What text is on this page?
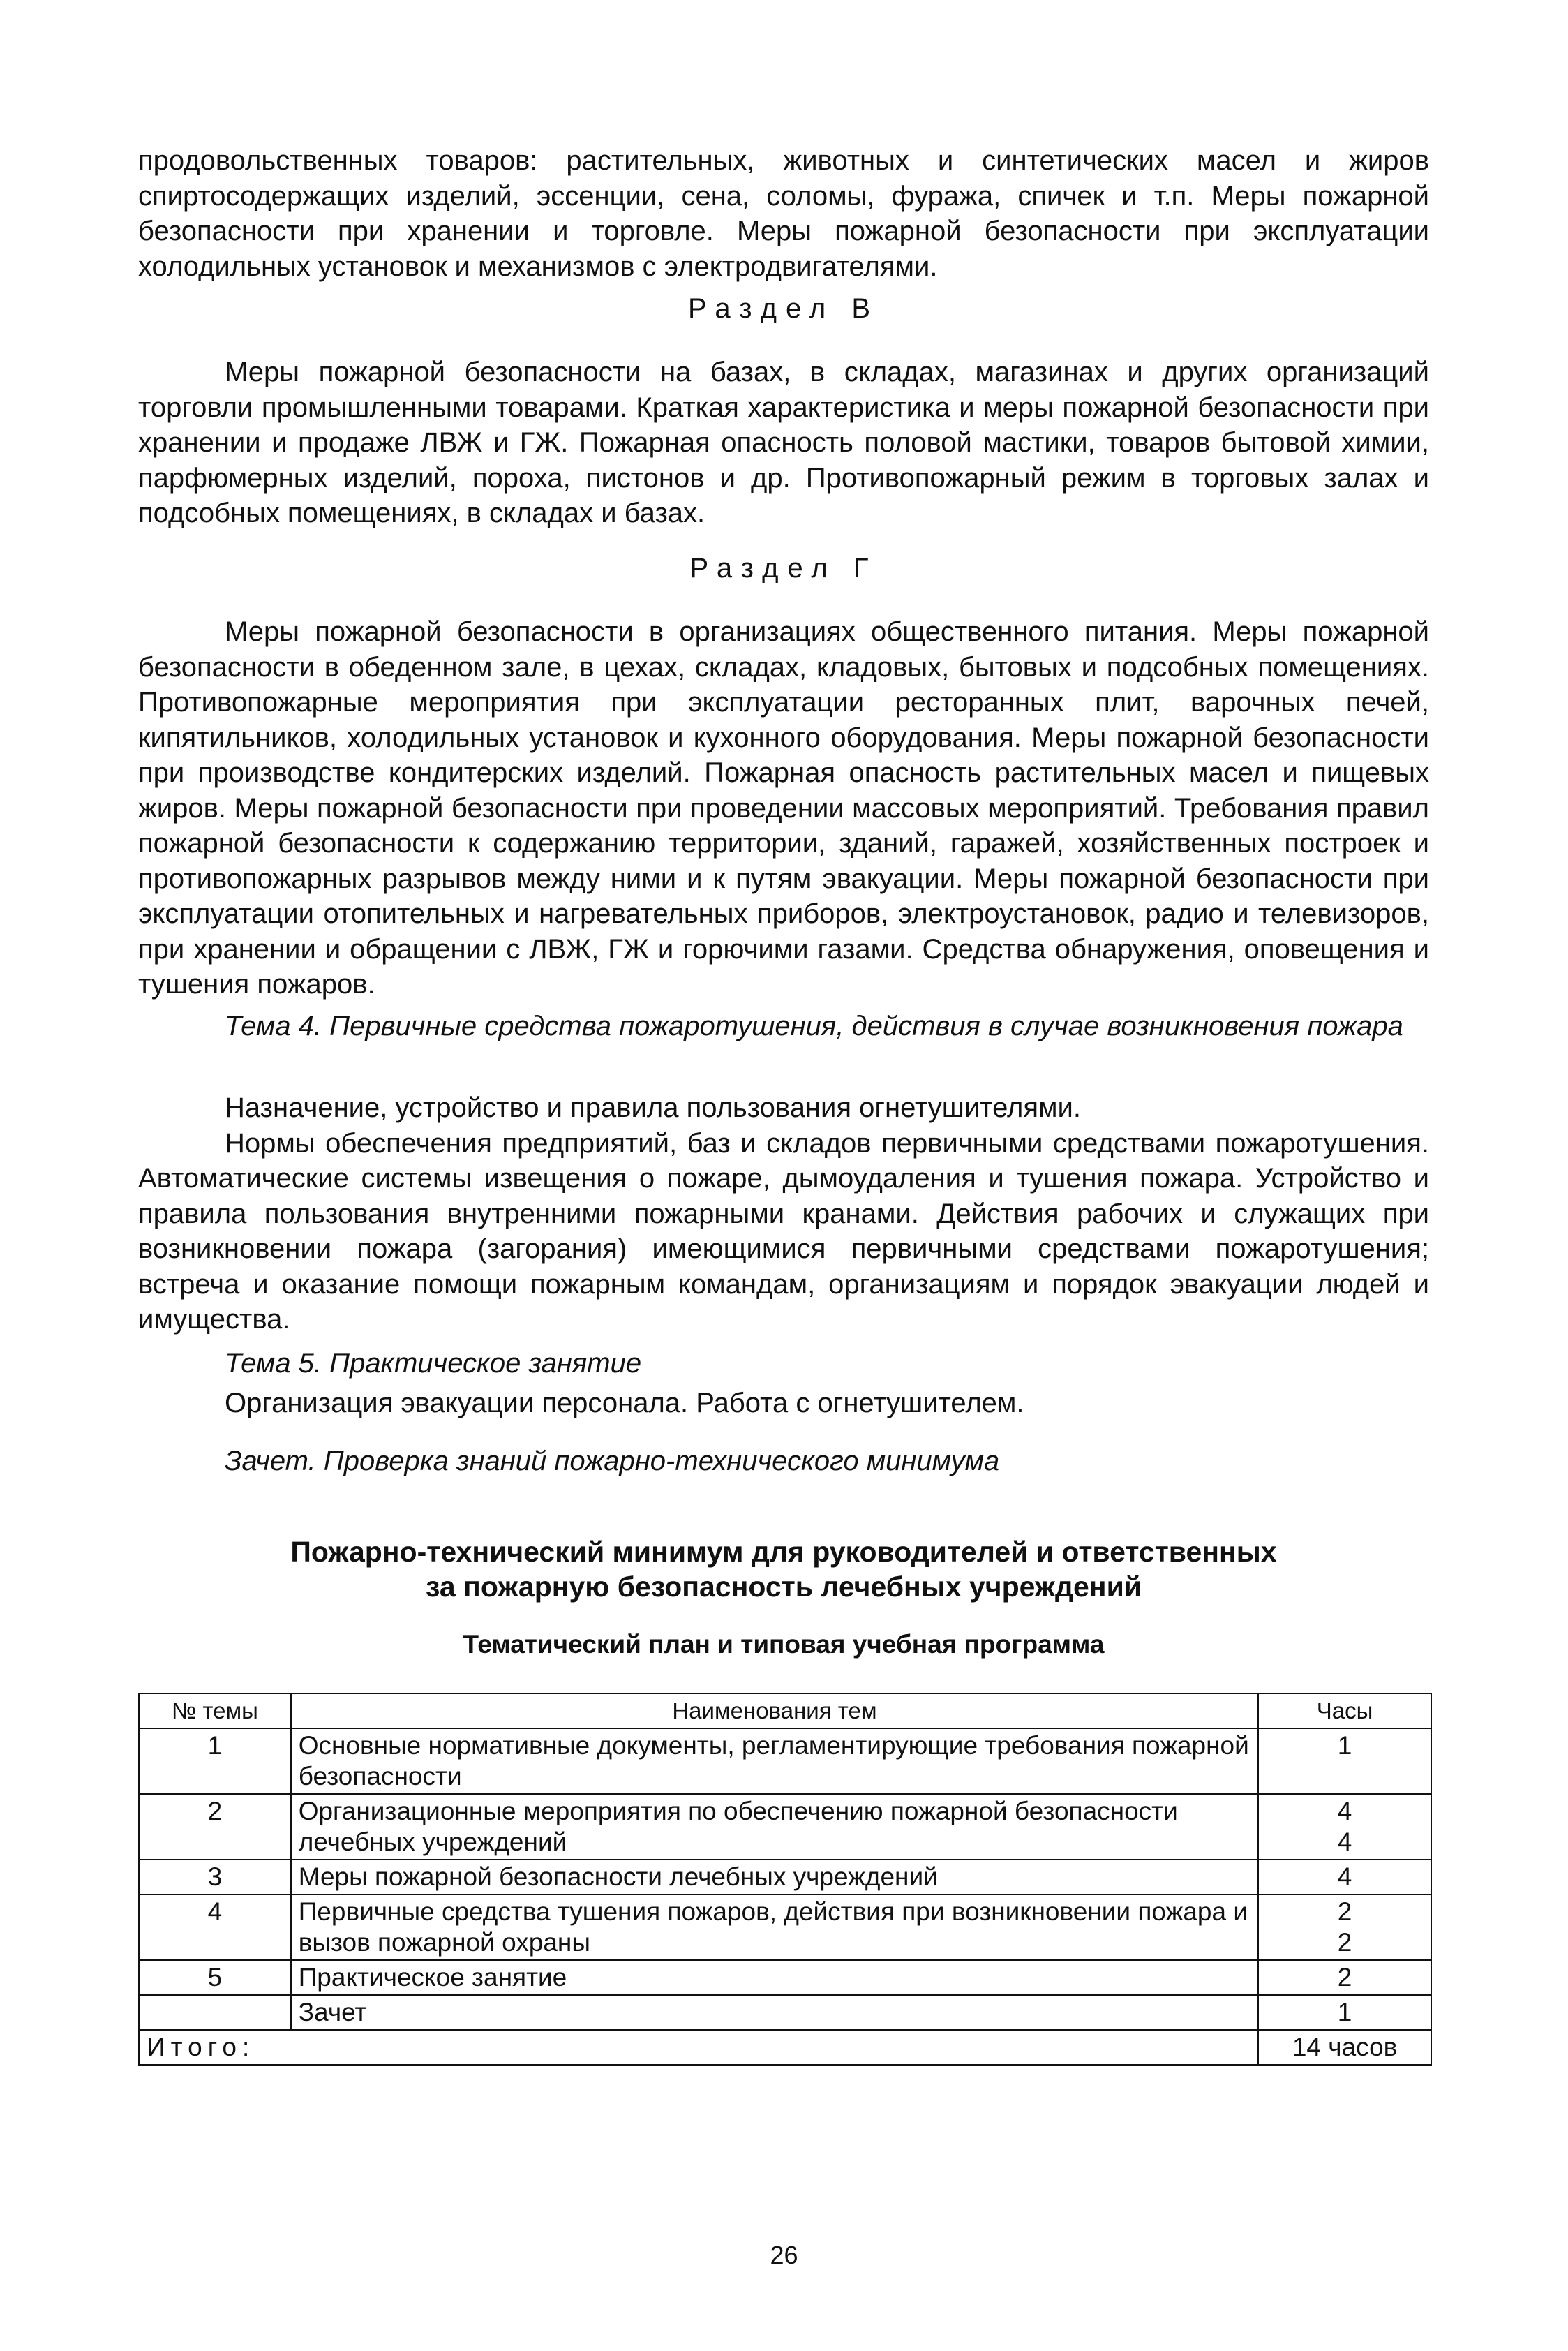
продовольственных товаров: растительных, животных и синтетических масел и жиров спиртосодержащих изделий, эссенции, сена, соломы, фуража, спичек и т.п. Меры пожарной безопасности при хранении и торговле. Меры пожарной безопасности при эксплуатации холодильных установок и механизмов с электродвигателями.

Раздел В

Меры пожарной безопасности на базах, в складах, магазинах и других организаций торговли промышленными товарами. Краткая характеристика и меры пожарной безопасности при хранении и продаже ЛВЖ и ГЖ. Пожарная опасность половой мастики, товаров бытовой химии, парфюмерных изделий, пороха, пистонов и др. Противопожарный режим в торговых залах и подсобных помещениях, в складах и базах.

Раздел Г

Меры пожарной безопасности в организациях общественного питания. Меры пожарной безопасности в обеденном зале, в цехах, складах, кладовых, бытовых и подсобных помещениях. Противопожарные мероприятия при эксплуатации ресторанных плит, варочных печей, кипятильников, холодильных установок и кухонного оборудования. Меры пожарной безопасности при производстве кондитерских изделий. Пожарная опасность растительных масел и пищевых жиров. Меры пожарной безопасности при проведении массовых мероприятий. Требования правил пожарной безопасности к содержанию территории, зданий, гаражей, хозяйственных построек и противопожарных разрывов между ними и к путям эвакуации. Меры пожарной безопасности при эксплуатации отопительных и нагревательных приборов, электроустановок, радио и телевизоров, при хранении и обращении с ЛВЖ, ГЖ и горючими газами. Средства обнаружения, оповещения и тушения пожаров.

Тема 4. Первичные средства пожаротушения, действия в случае возникновения пожара

Назначение, устройство и правила пользования огнетушителями.

Нормы обеспечения предприятий, баз и складов первичными средствами пожаротушения. Автоматические системы извещения о пожаре, дымоудаления и тушения пожара. Устройство и правила пользования внутренними пожарными кранами. Действия рабочих и служащих при возникновении пожара (загорания) имеющимися первичными средствами пожаротушения; встреча и оказание помощи пожарным командам, организациям и порядок эвакуации людей и имущества.

Тема 5. Практическое занятие

Организация эвакуации персонала. Работа с огнетушителем.

Зачет. Проверка знаний пожарно-технического минимума

Пожарно-технический минимум для руководителей и ответственных
за пожарную безопасность лечебных учреждений
Тематический план и типовая учебная программа
№ темы	Наименования тем	Часы
1	Основные нормативные документы, регламентирующие требования пожарной безопасности	1

2	Организационные мероприятия по обеспечению пожарной безопасности лечебных учреждений	4
4

3	Меры пожарной безопасности лечебных учреждений	4

4	Первичные средства тушения пожаров, действия при возникновении пожара и вызов пожарной охраны	2
2

5	Практическое занятие	2

	Зачет	1

Итого:		14 часов
26
